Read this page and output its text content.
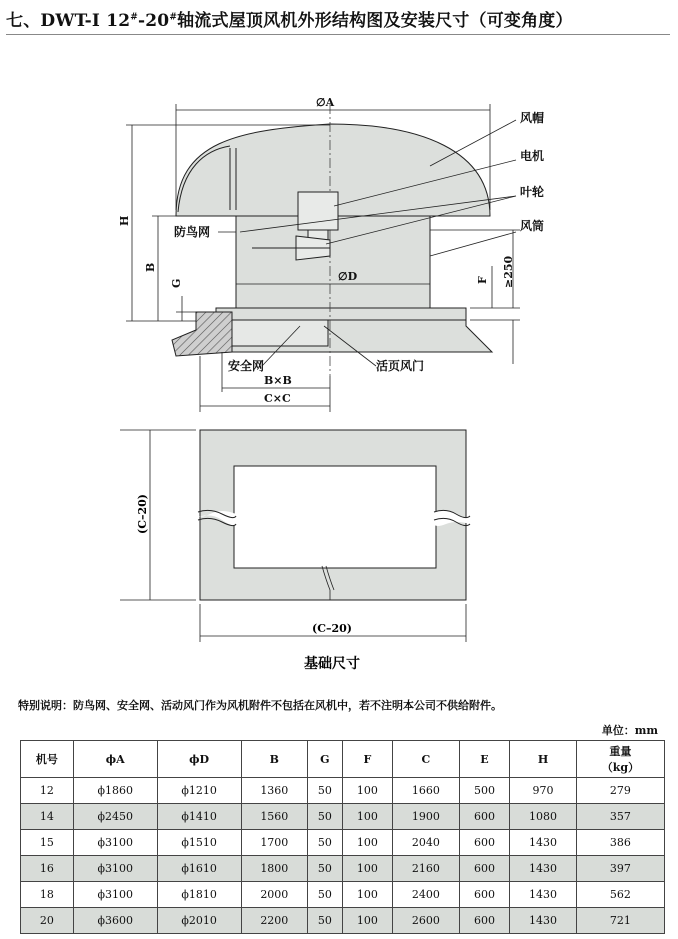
七、DWT-Ⅰ 12#-20#轴流式屋顶风机外形结构图及安装尺寸（可变角度）
∅A
H
B
G
∅D	F ≥250
B×B
C×C
风帽
电机
叶轮
风筒
防鸟网
安全网	活页风门
(C–20)
(C–20)
基础尺寸
特别说明：防鸟网、安全网、活动风门作为风机附件不包括在风机中，若不注明本公司不供给附件。
单位：mm
机号	ϕA	ϕD	B	G	F	C	E	H	重量
（kg）
12	ϕ1860	ϕ1210	1360	50	100	1660	500	970	279
14	ϕ2450	ϕ1410	1560	50	100	1900	600	1080	357
15	ϕ3100	ϕ1510	1700	50	100	2040	600	1430	386
16	ϕ3100	ϕ1610	1800	50	100	2160	600	1430	397
18	ϕ3100	ϕ1810	2000	50	100	2400	600	1430	562
20	ϕ3600	ϕ2010	2200	50	100	2600	600	1430	721
